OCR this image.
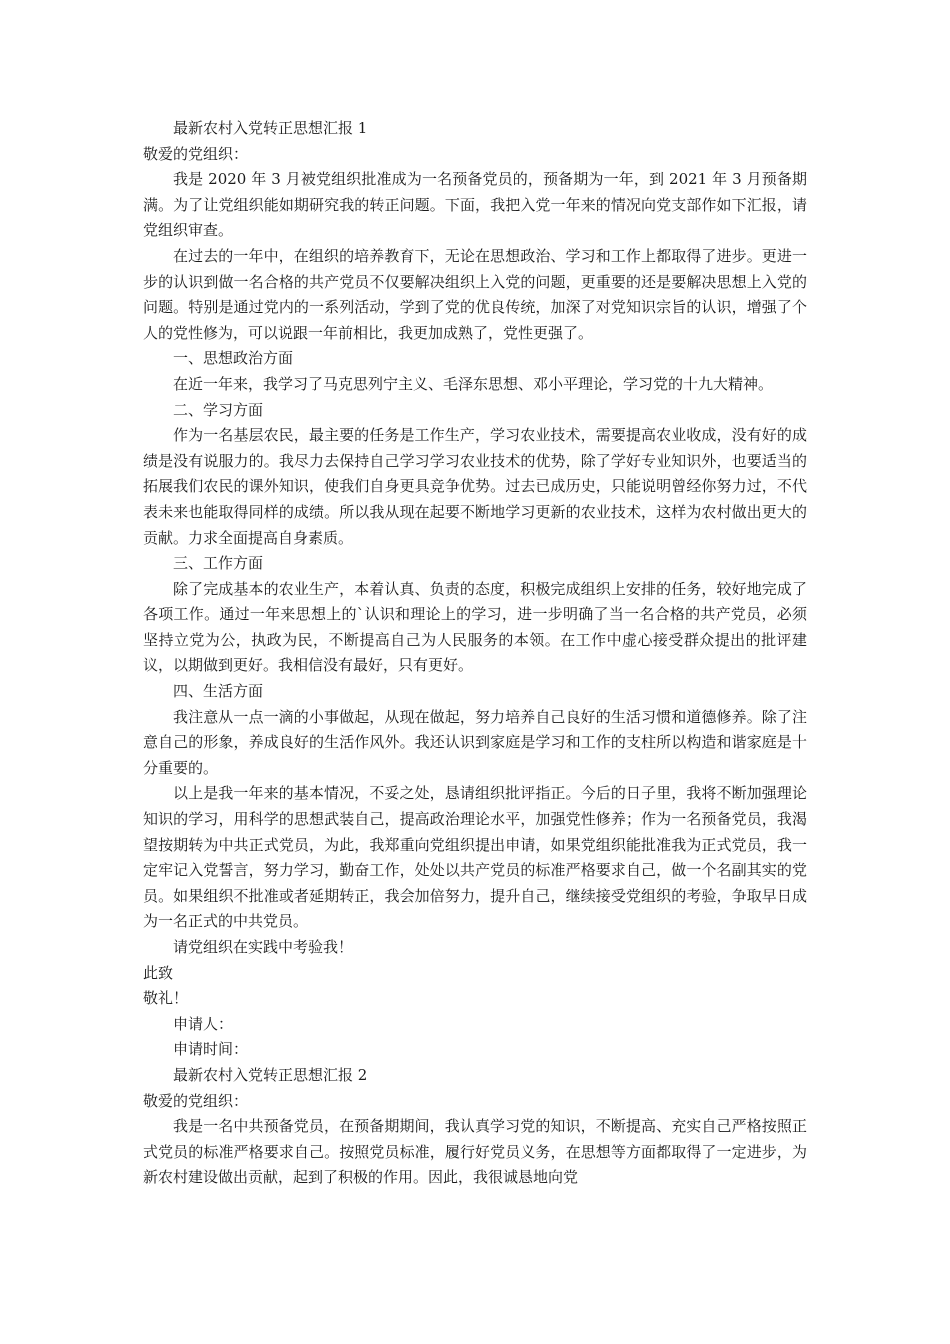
最新农村入党转正思想汇报 1
敬爱的党组织：
我是 2020 年 3 月被党组织批准成为一名预备党员的，预备期为一年，到 2021 年 3 月预备期满。为了让党组织能如期研究我的转正问题。下面，我把入党一年来的情况向党支部作如下汇报，请党组织审查。
在过去的一年中，在组织的培养教育下，无论在思想政治、学习和工作上都取得了进步。更进一步的认识到做一名合格的共产党员不仅要解决组织上入党的问题，更重要的还是要解决思想上入党的问题。特别是通过党内的一系列活动，学到了党的优良传统，加深了对党知识宗旨的认识，增强了个人的党性修为，可以说跟一年前相比，我更加成熟了，党性更强了。
一、思想政治方面
在近一年来，我学习了马克思列宁主义、毛泽东思想、邓小平理论，学习党的十九大精神。
二、学习方面
作为一名基层农民，最主要的任务是工作生产，学习农业技术，需要提高农业收成，没有好的成绩是没有说服力的。我尽力去保持自己学习学习农业技术的优势，除了学好专业知识外，也要适当的拓展我们农民的课外知识，使我们自身更具竞争优势。过去已成历史，只能说明曾经你努力过，不代表未来也能取得同样的成绩。所以我从现在起要不断地学习更新的农业技术，这样为农村做出更大的贡献。力求全面提高自身素质。
三、工作方面
除了完成基本的农业生产，本着认真、负责的态度，积极完成组织上安排的任务，较好地完成了各项工作。通过一年来思想上的`认识和理论上的学习，进一步明确了当一名合格的共产党员，必须坚持立党为公，执政为民，不断提高自己为人民服务的本领。在工作中虚心接受群众提出的批评建议，以期做到更好。我相信没有最好，只有更好。
四、生活方面
我注意从一点一滴的小事做起，从现在做起，努力培养自己良好的生活习惯和道德修养。除了注意自己的形象，养成良好的生活作风外。我还认识到家庭是学习和工作的支柱所以构造和谐家庭是十分重要的。
以上是我一年来的基本情况，不妥之处，恳请组织批评指正。今后的日子里，我将不断加强理论知识的学习，用科学的思想武装自己，提高政治理论水平，加强党性修养；作为一名预备党员，我渴望按期转为中共正式党员，为此，我郑重向党组织提出申请，如果党组织能批准我为正式党员，我一定牢记入党誓言，努力学习，勤奋工作，处处以共产党员的标准严格要求自己，做一个名副其实的党员。如果组织不批准或者延期转正，我会加倍努力，提升自己，继续接受党组织的考验，争取早日成为一名正式的中共党员。
请党组织在实践中考验我！
此致
敬礼！
申请人：
申请时间：
最新农村入党转正思想汇报 2
敬爱的党组织：
我是一名中共预备党员，在预备期期间，我认真学习党的知识，不断提高、充实自己严格按照正式党员的标准严格要求自己。按照党员标准，履行好党员义务，在思想等方面都取得了一定进步，为新农村建设做出贡献，起到了积极的作用。因此，我很诚恳地向党
